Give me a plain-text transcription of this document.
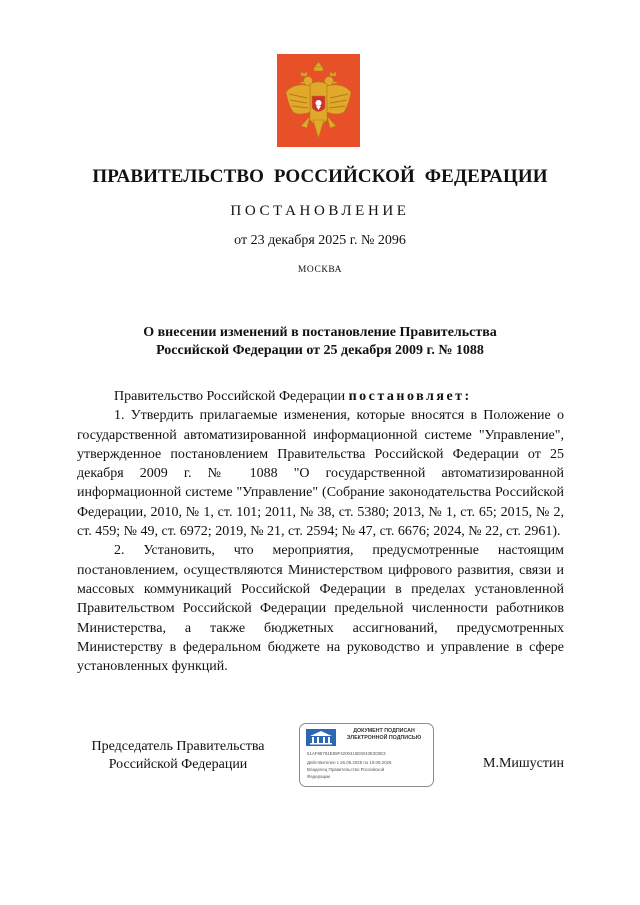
ПРАВИТЕЛЬСТВО РОССИЙСКОЙ ФЕДЕРАЦИИ
ПОСТАНОВЛЕНИЕ
от 23 декабря 2025 г. № 2096
МОСКВА
О внесении изменений в постановление Правительства
Российской Федерации от 25 декабря 2009 г. № 1088

Правительство Российской Федерации постановляет:

1. Утвердить прилагаемые изменения, которые вносятся в Положение о государственной автоматизированной информационной системе "Управление", утвержденное постановлением Правительства Российской Федерации от 25 декабря 2009 г. № 1088 "О государственной автоматизированной информационной системе "Управление" (Собрание законодательства Российской Федерации, 2010, № 1, ст. 101; 2011, № 38, ст. 5380; 2013, № 1, ст. 65; 2015, № 2, ст. 459; № 49, ст. 6972; 2019, № 21, ст. 2594; № 47, ст. 6676; 2024, № 22, ст. 2961).

2. Установить, что мероприятия, предусмотренные настоящим постановлением, осуществляются Министерством цифрового развития, связи и массовых коммуникаций Российской Федерации в пределах установленной Правительством Российской Федерации предельной численности работников Министерства, а также бюджетных ассигнований, предусмотренных Министерству в федеральном бюджете на руководство и управление в сфере установленных функций.

Председатель Правительства
Российской Федерации
ДОКУМЕНТ ПОДПИСАН
ЭЛЕКТРОННОЙ ПОДПИСЬЮ
51AF88781E89F4200415E5043E303E3
Действителен с 26.06.2025 по 19.09.2026
Владелец Правительство Российской
Федерации
М.Мишустин
